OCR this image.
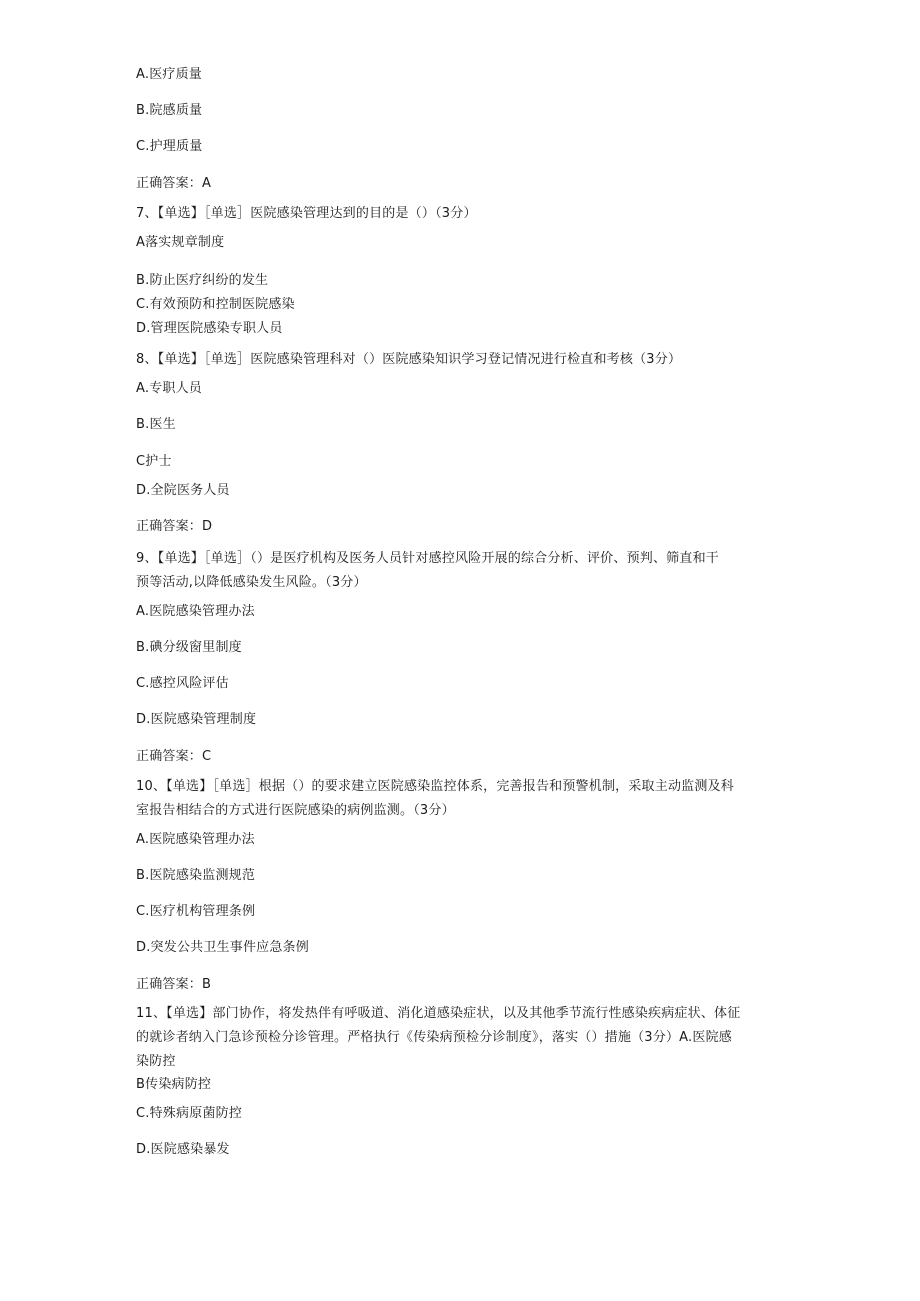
A.医疗质量
B.院感质量
C.护理质量
正确答案：A
7、【单选】［单选］医院感染管理达到的目的是（）（3分）
A落实规章制度
B.防止医疗纠纷的发生
C.有效预防和控制医院感染
D.管理医院感染专职人员
8、【单选】［单选］医院感染管理科对（）医院感染知识学习登记情况进行检直和考核（3分）
A.专职人员
B.医生
C护士
D.全院医务人员
正确答案：D
9、【单选】［单选］（）是医疗机构及医务人员针对感控风险开展的综合分析、评价、预判、筛直和干
预等活动,以降低感染发生风险。（3分）
A.医院感染管理办法
B.碘分级窗里制度
C.感控风险评估
D.医院感染管理制度
正确答案：C
10、【单选】［单选］根据（）的要求建立医院感染监控体系，完善报告和预警机制，采取主动监测及科
室报告相结合的方式进行医院感染的病例监测。（3分）
A.医院感染管理办法
B.医院感染监测规范
C.医疗机构管理条例
D.突发公共卫生事件应急条例
正确答案：B
11、【单选】部门协作，将发热伴有呼吸道、消化道感染症状，以及其他季节流行性感染疾病症状、体征
的就诊者纳入门急诊预检分诊管理。严格执行《传染病预检分诊制度》，落实（）措施（3分）A.医院感
染防控
B传染病防控
C.特殊病原菌防控
D.医院感染暴发
